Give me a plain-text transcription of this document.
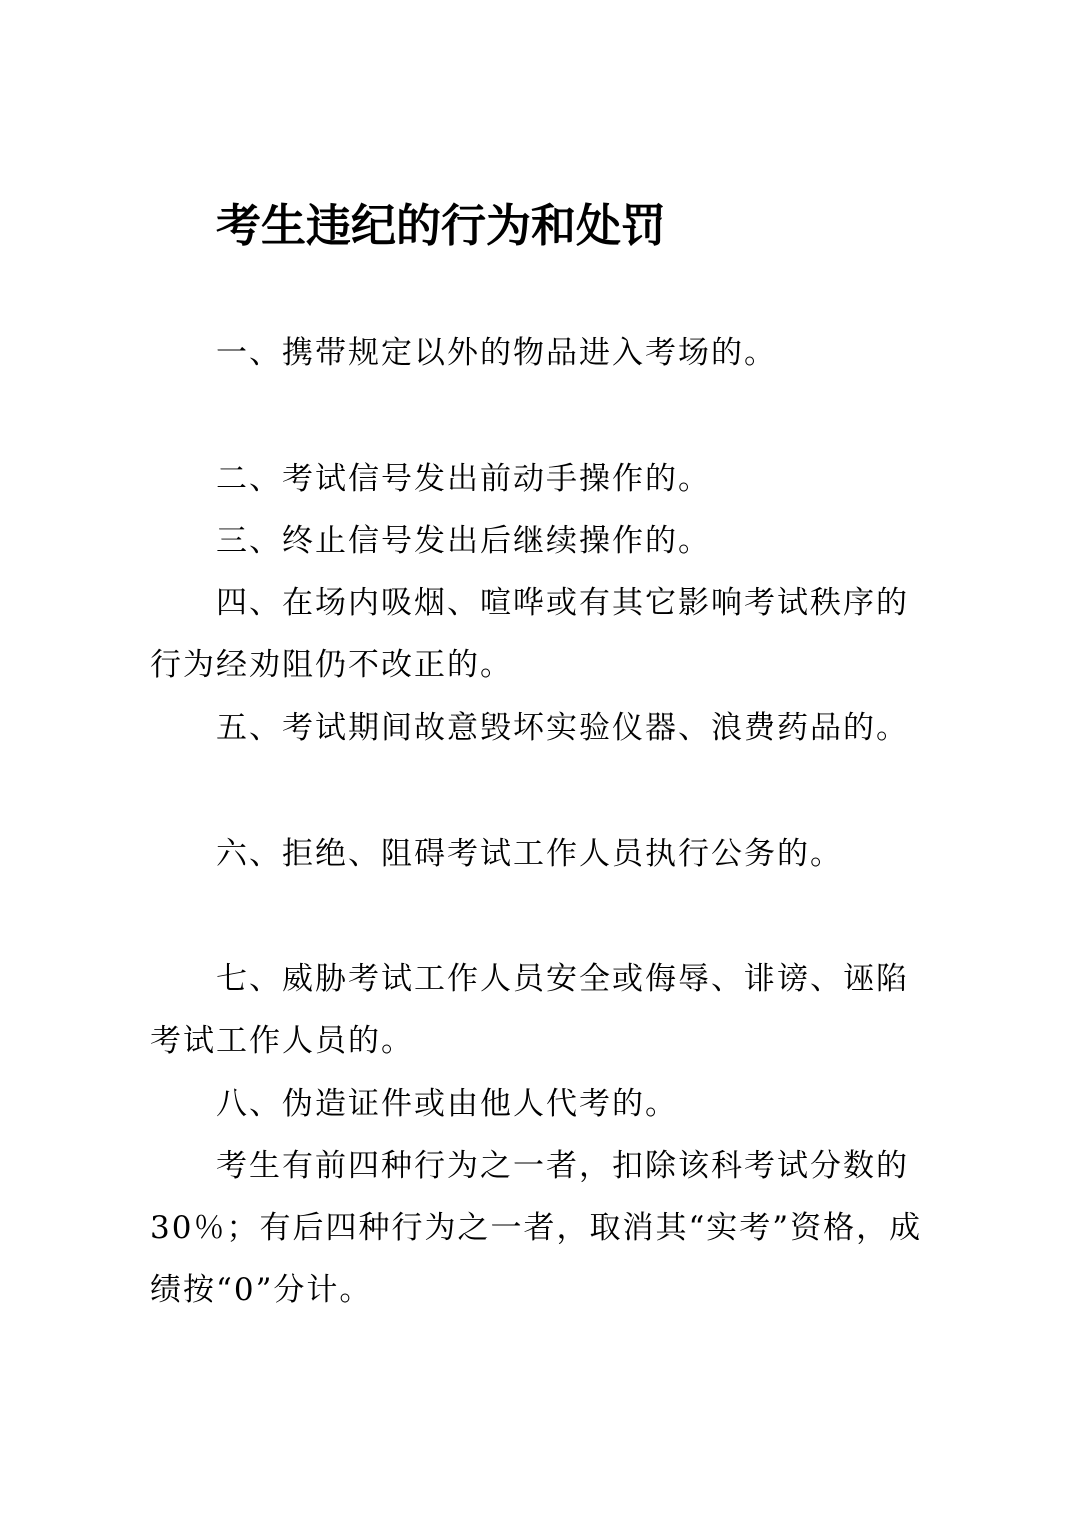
考生违纪的行为和处罚

一、携带规定以外的物品进入考场的。

二、考试信号发出前动手操作的。

三、终止信号发出后继续操作的。

四、在场内吸烟、喧哗或有其它影响考试秩序的行为经劝阻仍不改正的。

五、考试期间故意毁坏实验仪器、浪费药品的。

六、拒绝、阻碍考试工作人员执行公务的。

七、威胁考试工作人员安全或侮辱、诽谤、诬陷考试工作人员的。

八、伪造证件或由他人代考的。

考生有前四种行为之一者，扣除该科考试分数的30％；有后四种行为之一者，取消其“实考”资格，成绩按“0”分计。
